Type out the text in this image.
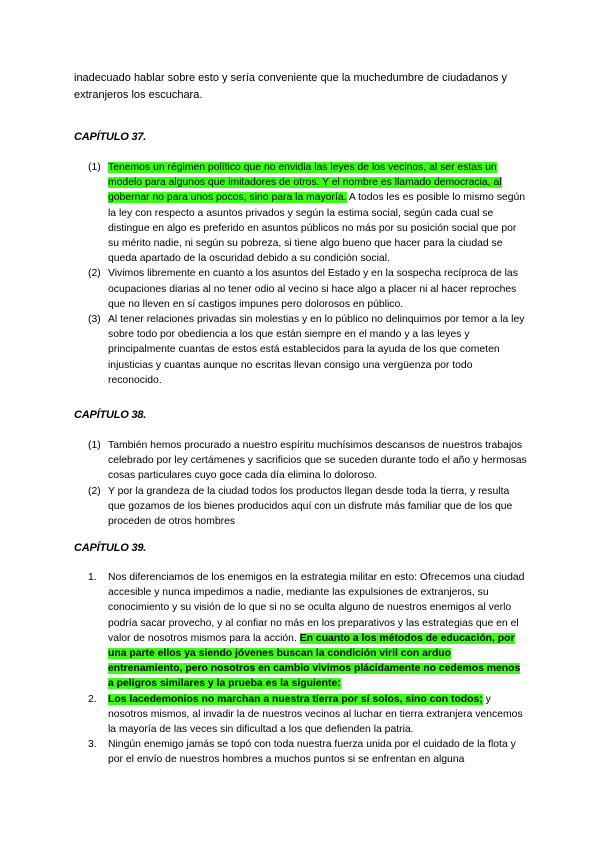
inadecuado hablar sobre esto y sería conveniente que la muchedumbre de ciudadanos y extranjeros los escuchara.

CAPÍTULO 37.

(1) Tenemos un régimen político que no envidia las leyes de los vecinos, al ser estas un modelo para algunos que imitadores de otros. Y el nombre es llamado democracia, al gobernar no para unos pocos, sino para la mayoría. A todos les es posible lo mismo según la ley con respecto a asuntos privados y según la estima social, según cada cual se distingue en algo es preferido en asuntos públicos no más por su posición social que por su mérito nadie, ni según su pobreza, si tiene algo bueno que hacer para la ciudad se queda apartado de la oscuridad debido a su condición social.
(2) Vivimos libremente en cuanto a los asuntos del Estado y en la sospecha recíproca de las ocupaciones diarias al no tener odio al vecino si hace algo a placer ni al hacer reproches que no lleven en sí castigos impunes pero dolorosos en público.
(3) Al tener relaciones privadas sin molestias y en lo público no delinquimos por temor a la ley sobre todo por obediencia a los que están siempre en el mando y a las leyes y principalmente cuantas de estos está establecidos para la ayuda de los que cometen injusticias y cuantas aunque no escritas llevan consigo una vergüenza por todo reconocido.

CAPÍTULO 38.

(1) También hemos procurado a nuestro espíritu muchísimos descansos de nuestros trabajos celebrado por ley certámenes y sacrificios que se suceden durante todo el año y hermosas cosas particulares cuyo goce cada día elimina lo doloroso.
(2) Y por la grandeza de la ciudad todos los productos llegan desde toda la tierra, y resulta que gozamos de los bienes producidos aquí con un disfrute más familiar que de los que proceden de otros hombres

CAPÍTULO 39.

1.	Nos diferenciamos de los enemigos en la estrategia militar en esto: Ofrecemos una ciudad accesible y nunca impedimos a nadie, mediante las expulsiones de extranjeros, su conocimiento y su visión de lo que si no se oculta alguno de nuestros enemigos al verlo podría sacar provecho, y al confiar no más en los preparativos y las estrategias que en el valor de nosotros mismos para la acción. En cuanto a los métodos de educación, por una parte ellos ya siendo jóvenes buscan la condición viril con arduo entrenamiento, pero nosotros en cambio vivimos plácidamente no cedemos menos a peligros similares y la prueba es la siguiente:
2.	Los lacedemonios no marchan a nuestra tierra por sí solos, sino con todos; y nosotros mismos, al invadir la de nuestros vecinos al luchar en tierra extranjera vencemos la mayoría de las veces sin dificultad a los que defienden la patria.
3.	Ningún enemigo jamás se topó con toda nuestra fuerza unida por el cuidado de la flota y por el envío de nuestros hombres a muchos puntos si se enfrentan en alguna
